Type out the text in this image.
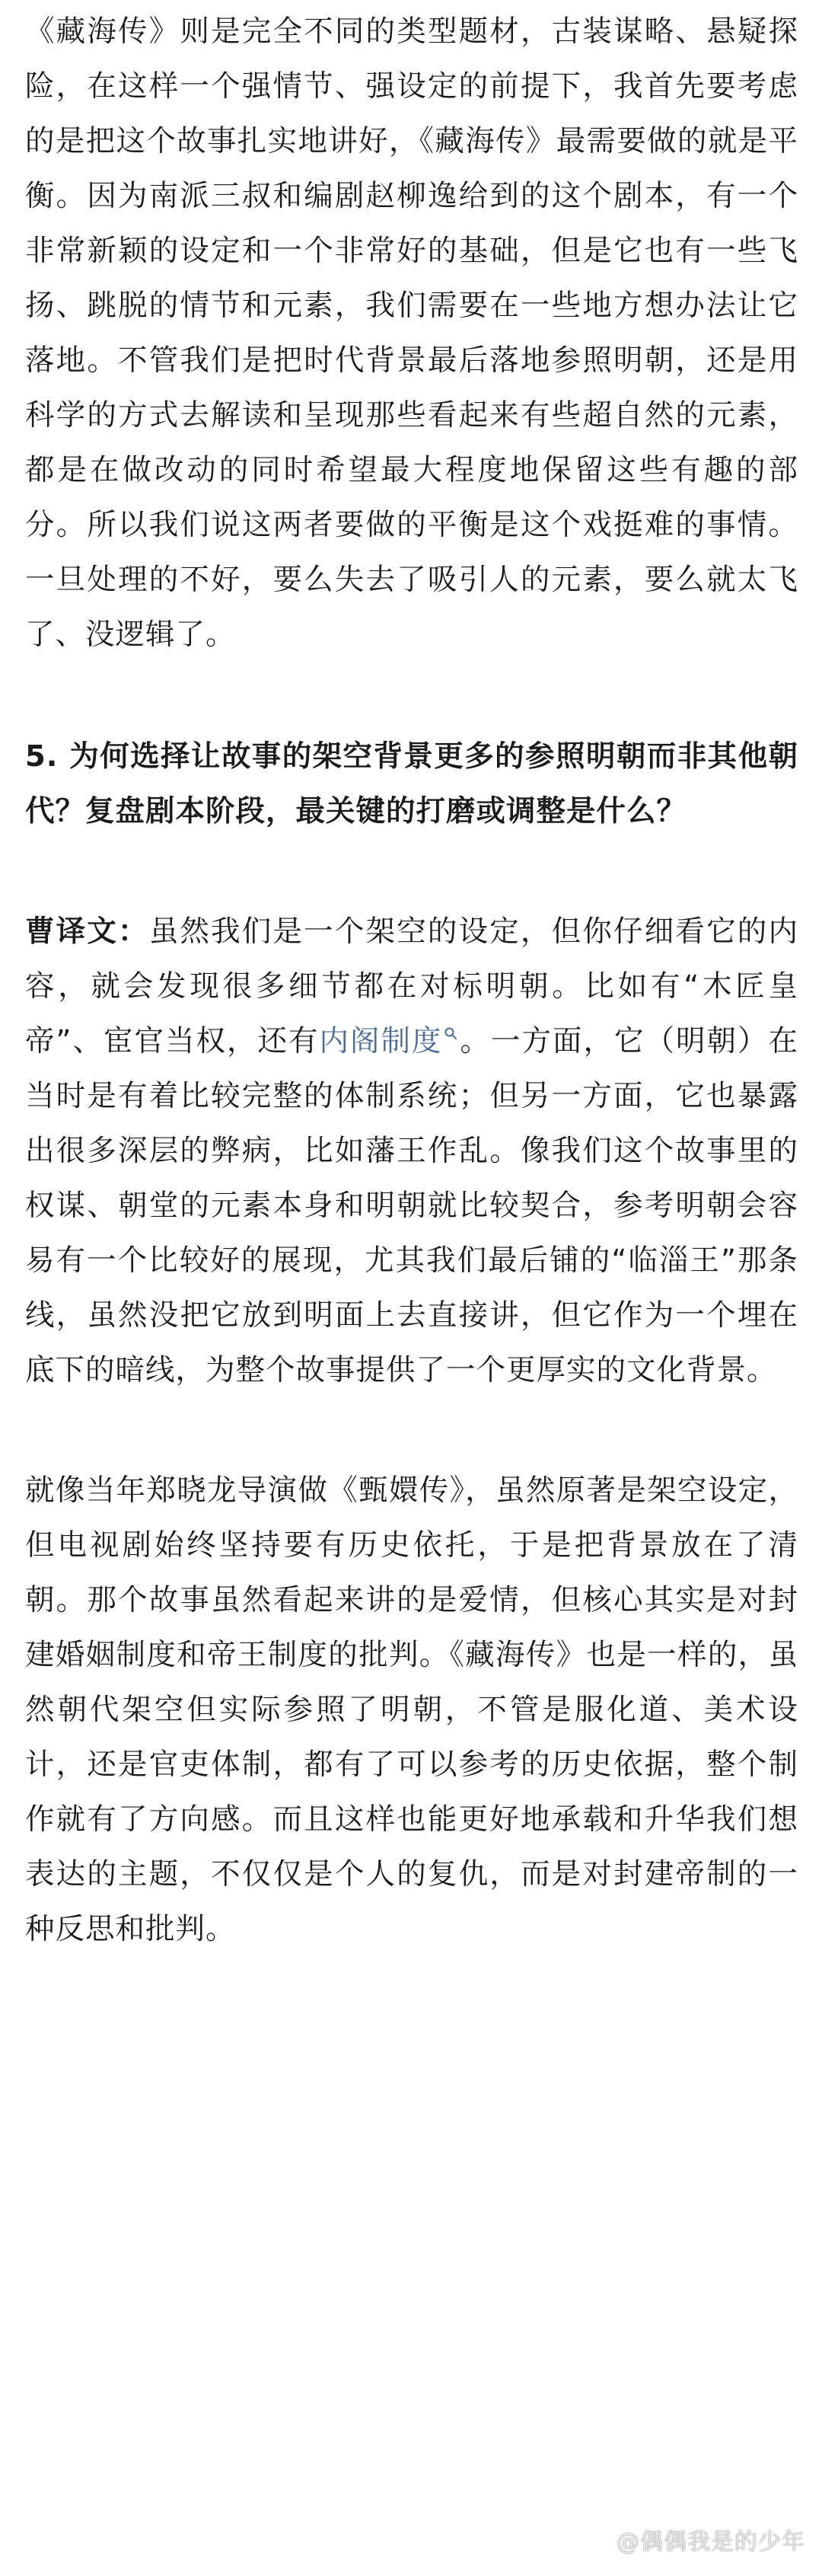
《藏海传》则是完全不同的类型题材，古装谋略、悬疑探险，在这样一个强情节、强设定的前提下，我首先要考虑的是把这个故事扎实地讲好，《藏海传》最需要做的就是平衡。因为南派三叔和编剧赵柳逸给到的这个剧本，有一个非常新颖的设定和一个非常好的基础，但是它也有一些飞扬、跳脱的情节和元素，我们需要在一些地方想办法让它落地。不管我们是把时代背景最后落地参照明朝，还是用科学的方式去解读和呈现那些看起来有些超自然的元素，都是在做改动的同时希望最大程度地保留这些有趣的部分。所以我们说这两者要做的平衡是这个戏挺难的事情。一旦处理的不好，要么失去了吸引人的元素，要么就太飞了、没逻辑了。

5. 为何选择让故事的架空背景更多的参照明朝而非其他朝代？复盘剧本阶段，最关键的打磨或调整是什么？

曹译文：虽然我们是一个架空的设定，但你仔细看它的内容，就会发现很多细节都在对标明朝。比如有“木匠皇帝”、宦官当权，还有内阁制度 。一方面，它（明朝）在当时是有着比较完整的体制系统；但另一方面，它也暴露出很多深层的弊病，比如藩王作乱。像我们这个故事里的权谋、朝堂的元素本身和明朝就比较契合，参考明朝会容易有一个比较好的展现，尤其我们最后铺的“临淄王”那条线，虽然没把它放到明面上去直接讲，但它作为一个埋在底下的暗线，为整个故事提供了一个更厚实的文化背景。

就像当年郑晓龙导演做《甄嬛传》，虽然原著是架空设定，但电视剧始终坚持要有历史依托，于是把背景放在了清朝。那个故事虽然看起来讲的是爱情，但核心其实是对封建婚姻制度和帝王制度的批判。《藏海传》也是一样的，虽然朝代架空但实际参照了明朝，不管是服化道、美术设计，还是官吏体制，都有了可以参考的历史依据，整个制作就有了方向感。而且这样也能更好地承载和升华我们想表达的主题，不仅仅是个人的复仇，而是对封建帝制的一种反思和批判。

@偶偶我是的少年
